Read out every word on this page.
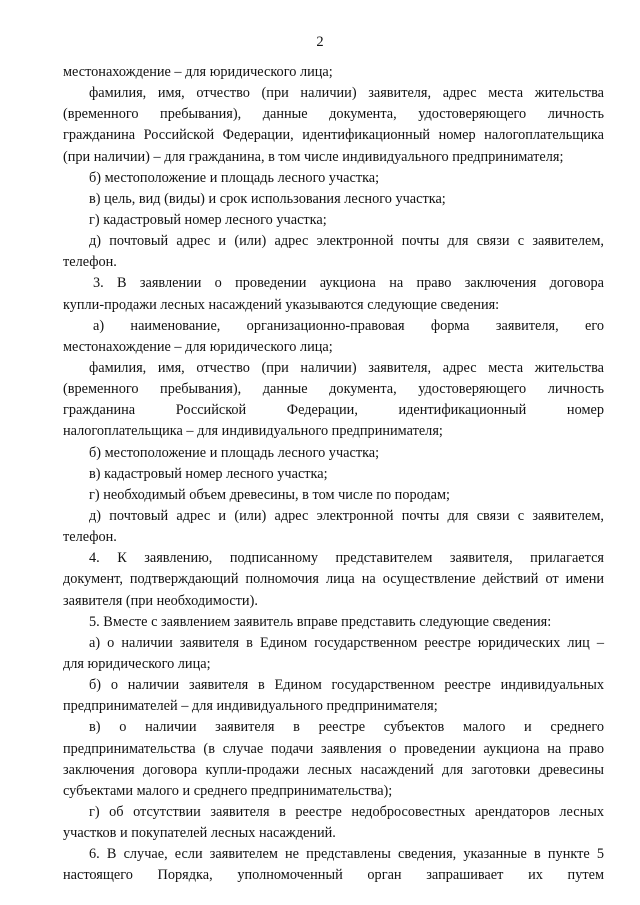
2
местонахождение – для юридического лица;
фамилия, имя, отчество (при наличии) заявителя, адрес места жительства
(временного пребывания), данные документа, удостоверяющего личность
гражданина Российской Федерации, идентификационный номер налогоплательщика
(при наличии) – для гражданина, в том числе индивидуального предпринимателя;
б) местоположение и площадь лесного участка;
в) цель, вид (виды) и срок использования лесного участка;
г) кадастровый номер лесного участка;
д) почтовый адрес и (или) адрес электронной почты для связи с заявителем,
телефон.
3. В заявлении о проведении аукциона на право заключения договора
купли-продажи лесных насаждений указываются следующие сведения:
а) наименование, организационно-правовая форма заявителя, его
местонахождение – для юридического лица;
фамилия, имя, отчество (при наличии) заявителя, адрес места жительства
(временного пребывания), данные документа, удостоверяющего личность
гражданина Российской Федерации, идентификационный номер
налогоплательщика – для индивидуального предпринимателя;
б) местоположение и площадь лесного участка;
в) кадастровый номер лесного участка;
г) необходимый объем древесины, в том числе по породам;
д) почтовый адрес и (или) адрес электронной почты для связи с заявителем,
телефон.
4. К заявлению, подписанному представителем заявителя, прилагается
документ, подтверждающий полномочия лица на осуществление действий от имени
заявителя (при необходимости).
5. Вместе с заявлением заявитель вправе представить следующие сведения:
а) о наличии заявителя в Едином государственном реестре юридических лиц –
для юридического лица;
б) о наличии заявителя в Едином государственном реестре индивидуальных
предпринимателей – для индивидуального предпринимателя;
в) о наличии заявителя в реестре субъектов малого и среднего
предпринимательства (в случае подачи заявления о проведении аукциона на право
заключения договора купли-продажи лесных насаждений для заготовки древесины
субъектами малого и среднего предпринимательства);
г) об отсутствии заявителя в реестре недобросовестных арендаторов лесных
участков и покупателей лесных насаждений.
6. В случае, если заявителем не представлены сведения, указанные в пункте 5
настоящего Порядка, уполномоченный орган запрашивает их путем
